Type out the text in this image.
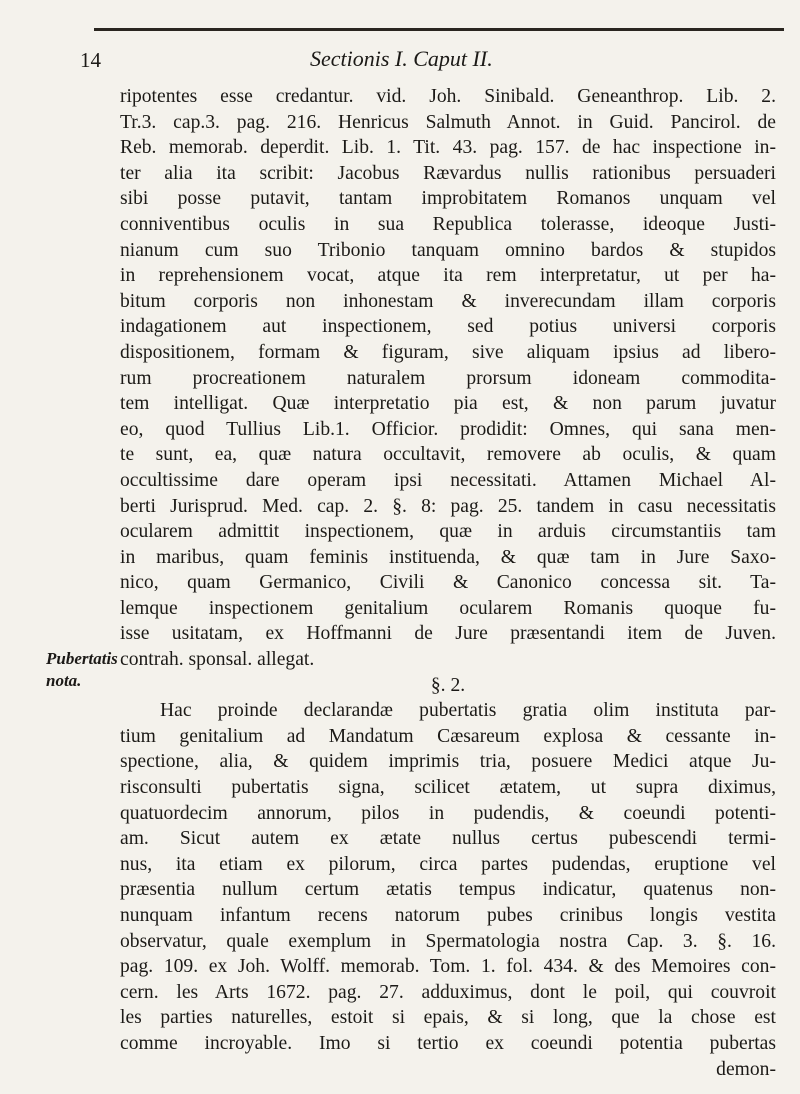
14	Sectionis I. Caput II.
Pubertatis
nota.
ripotentes esse credantur. vid. Joh. Sinibald. Geneanthrop. Lib. 2.
Tr.3. cap.3. pag. 216. Henricus Salmuth Annot. in Guid. Pancirol. de
Reb. memorab. deperdit. Lib. 1. Tit. 43. pag. 157. de hac inspectione in-
ter alia ita scribit: Jacobus Rævardus nullis rationibus persuaderi
sibi posse putavit, tantam improbitatem Romanos unquam vel
conniventibus oculis in sua Republica tolerasse, ideoque Justi-
nianum cum suo Tribonio tanquam omnino bardos & stupidos
in reprehensionem vocat, atque ita rem interpretatur, ut per ha-
bitum corporis non inhonestam & inverecundam illam corporis
indagationem aut inspectionem, sed potius universi corporis
dispositionem, formam & figuram, sive aliquam ipsius ad libero-
rum procreationem naturalem prorsum idoneam commodita-
tem intelligat. Quæ interpretatio pia est, & non parum juvatur
eo, quod Tullius Lib.1. Officior. prodidit: Omnes, qui sana men-
te sunt, ea, quæ natura occultavit, removere ab oculis, & quam
occultissime dare operam ipsi necessitati. Attamen Michael Al-
berti Jurisprud. Med. cap. 2. §. 8: pag. 25. tandem in casu necessitatis
ocularem admittit inspectionem, quæ in arduis circumstantiis tam
in maribus, quam feminis instituenda, & quæ tam in Jure Saxo-
nico, quam Germanico, Civili & Canonico concessa sit. Ta-
lemque inspectionem genitalium ocularem Romanis quoque fu-
isse usitatam, ex Hoffmanni de Jure præsentandi item de Juven.
contrah. sponsal. allegat.
§. 2.
Hac proinde declarandæ pubertatis gratia olim instituta par-
tium genitalium ad Mandatum Cæsareum explosa & cessante in-
spectione, alia, & quidem imprimis tria, posuere Medici atque Ju-
risconsulti pubertatis signa, scilicet ætatem, ut supra diximus,
quatuordecim annorum, pilos in pudendis, & coeundi potenti-
am. Sicut autem ex ætate nullus certus pubescendi termi-
nus, ita etiam ex pilorum, circa partes pudendas, eruptione vel
præsentia nullum certum ætatis tempus indicatur, quatenus non-
nunquam infantum recens natorum pubes crinibus longis vestita
observatur, quale exemplum in Spermatologia nostra Cap. 3. §. 16.
pag. 109. ex Joh. Wolff. memorab. Tom. 1. fol. 434. & des Memoires con-
cern. les Arts 1672. pag. 27. adduximus, dont le poil, qui couvroit
les parties naturelles, estoit si epais, & si long, que la chose est
comme incroyable. Imo si tertio ex coeundi potentia pubertas
demon-
